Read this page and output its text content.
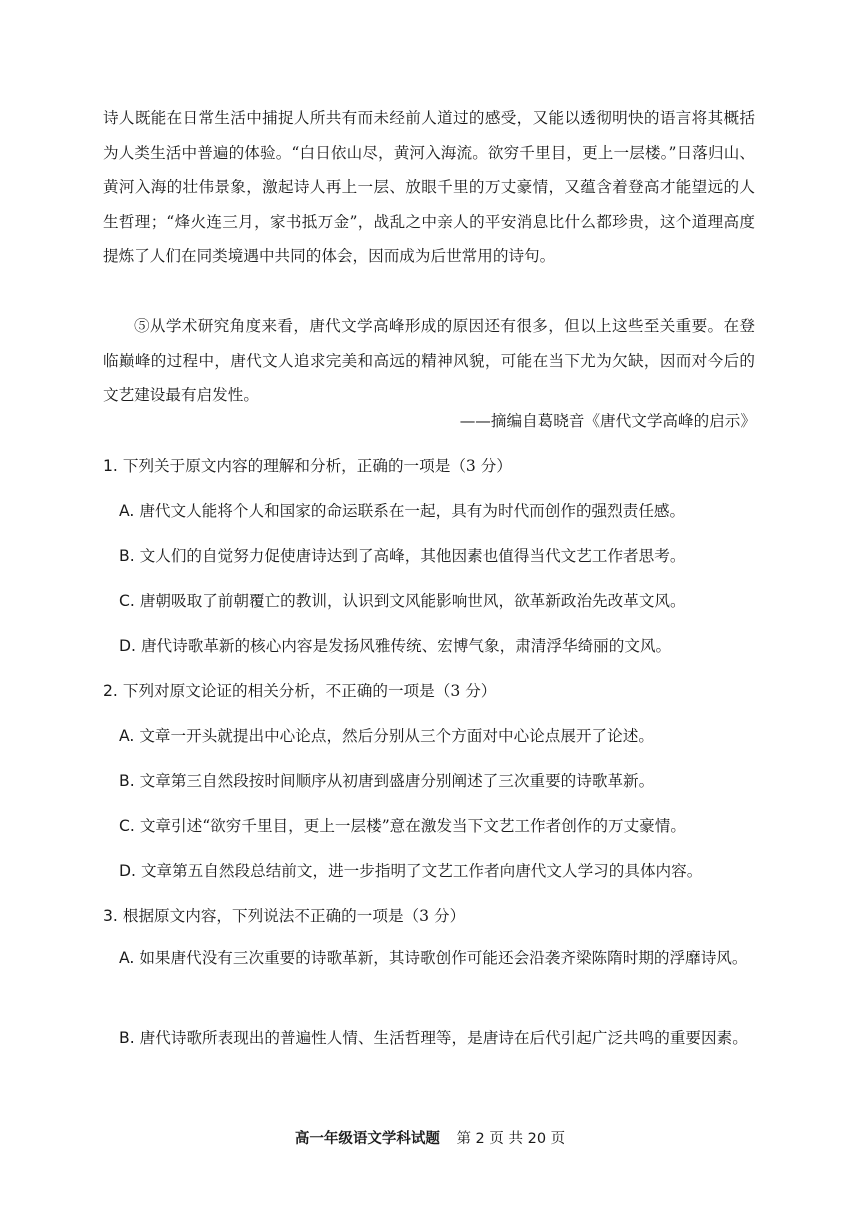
诗人既能在日常生活中捕捉人所共有而未经前人道过的感受，又能以透彻明快的语言将其概括为人类生活中普遍的体验。“白日依山尽，黄河入海流。欲穷千里目，更上一层楼。”日落归山、黄河入海的壮伟景象，激起诗人再上一层、放眼千里的万丈豪情，又蕴含着登高才能望远的人生哲理；“烽火连三月，家书抵万金”，战乱之中亲人的平安消息比什么都珍贵，这个道理高度提炼了人们在同类境遇中共同的体会，因而成为后世常用的诗句。

⑤从学术研究角度来看，唐代文学高峰形成的原因还有很多，但以上这些至关重要。在登临巅峰的过程中，唐代文人追求完美和高远的精神风貌，可能在当下尤为欠缺，因而对今后的文艺建设最有启发性。

——摘编自葛晓音《唐代文学高峰的启示》
1. 下列关于原文内容的理解和分析，正确的一项是（3 分）
A. 唐代文人能将个人和国家的命运联系在一起，具有为时代而创作的强烈责任感。
B. 文人们的自觉努力促使唐诗达到了高峰，其他因素也值得当代文艺工作者思考。
C. 唐朝吸取了前朝覆亡的教训，认识到文风能影响世风，欲革新政治先改革文风。
D. 唐代诗歌革新的核心内容是发扬风雅传统、宏博气象，肃清浮华绮丽的文风。
2. 下列对原文论证的相关分析，不正确的一项是（3 分）
A. 文章一开头就提出中心论点，然后分别从三个方面对中心论点展开了论述。
B. 文章第三自然段按时间顺序从初唐到盛唐分别阐述了三次重要的诗歌革新。
C. 文章引述“欲穷千里目，更上一层楼”意在激发当下文艺工作者创作的万丈豪情。
D. 文章第五自然段总结前文，进一步指明了文艺工作者向唐代文人学习的具体内容。
3. 根据原文内容，下列说法不正确的一项是（3 分）
A. 如果唐代没有三次重要的诗歌革新，其诗歌创作可能还会沿袭齐梁陈隋时期的浮靡诗风。
B. 唐代诗歌所表现出的普遍性人情、生活哲理等，是唐诗在后代引起广泛共鸣的重要因素。
高一年级语文学科试题 第 2 页 共 20 页
